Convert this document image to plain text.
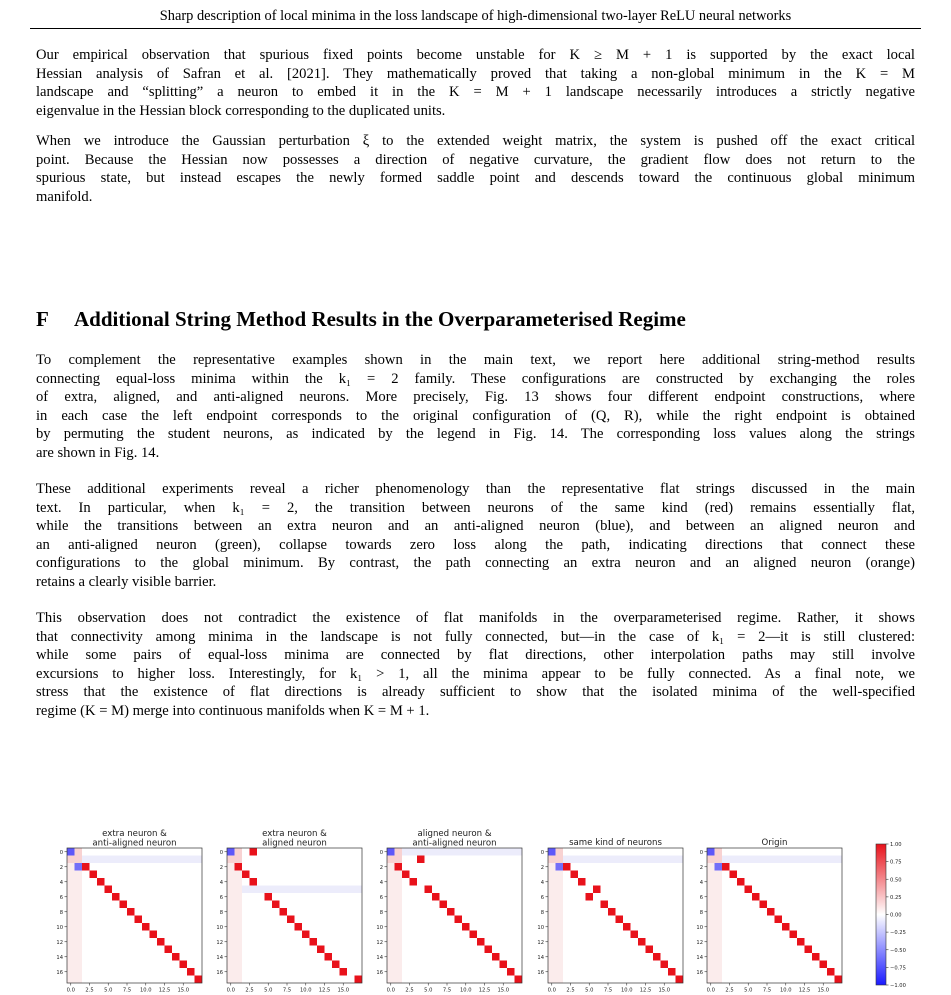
Sharp description of local minima in the loss landscape of high-dimensional two-layer ReLU neural networks

Our empirical observation that spurious fixed points become unstable for K ≥ M + 1 is supported by the exact local
Hessian analysis of Safran et al. [2021]. They mathematically proved that taking a non-global minimum in the K = M
landscape and “splitting” a neuron to embed it in the K = M + 1 landscape necessarily introduces a strictly negative
eigenvalue in the Hessian block corresponding to the duplicated units.

When we introduce the Gaussian perturbation ξ to the extended weight matrix, the system is pushed off the exact critical
point. Because the Hessian now possesses a direction of negative curvature, the gradient flow does not return to the
spurious state, but instead escapes the newly formed saddle point and descends toward the continuous global minimum
manifold.

F Additional String Method Results in the Overparameterised Regime

To complement the representative examples shown in the main text, we report here additional string-method results
connecting equal-loss minima within the k₁ = 2 family. These configurations are constructed by exchanging the roles
of extra, aligned, and anti-aligned neurons. More precisely, Fig. 13 shows four different endpoint constructions, where
in each case the left endpoint corresponds to the original configuration of (Q, R), while the right endpoint is obtained
by permuting the student neurons, as indicated by the legend in Fig. 14. The corresponding loss values along the strings
are shown in Fig. 14.

These additional experiments reveal a richer phenomenology than the representative flat strings discussed in the main
text. In particular, when k₁ = 2, the transition between neurons of the same kind (red) remains essentially flat,
while the transitions between an extra neuron and an anti-aligned neuron (blue), and between an aligned neuron and
an anti-aligned neuron (green), collapse towards zero loss along the path, indicating directions that connect these
configurations to the global minimum. By contrast, the path connecting an extra neuron and an aligned neuron (orange)
retains a clearly visible barrier.

This observation does not contradict the existence of flat manifolds in the overparameterised regime. Rather, it shows
that connectivity among minima in the landscape is not fully connected, but—in the case of k₁ = 2—it is still clustered:
while some pairs of equal-loss minima are connected by flat directions, other interpolation paths may still involve
excursions to higher loss. Interestingly, for k₁ > 1, all the minima appear to be fully connected. As a final note, we
stress that the existence of flat directions is already sufficient to show that the isolated minima of the well-specified
regime (K = M) merge into continuous manifolds when K = M + 1.

extra neuron &
anti-aligned neuron
0
2
4
6
8
10
12
14
16
0.0 2.5 5.0 7.5 10.0 12.5 15.0
extra neuron &
aligned neuron
0
2
4
6
8
10
12
14
16
0.0 2.5 5.0 7.5 10.0 12.5 15.0
aligned neuron &
anti-aligned neuron
0
2
4
6
8
10
12
14
16
0.0 2.5 5.0 7.5 10.0 12.5 15.0
same kind of neurons
0
2
4
6
8
10
12
14
16
0.0 2.5 5.0 7.5 10.0 12.5 15.0
Origin
0
2
4
6
8
10
12
14
16
0.0 2.5 5.0 7.5 10.0 12.5 15.0
1.00
0.75
0.50
0.25
0.00
−0.25
−0.50
−0.75
−1.00
